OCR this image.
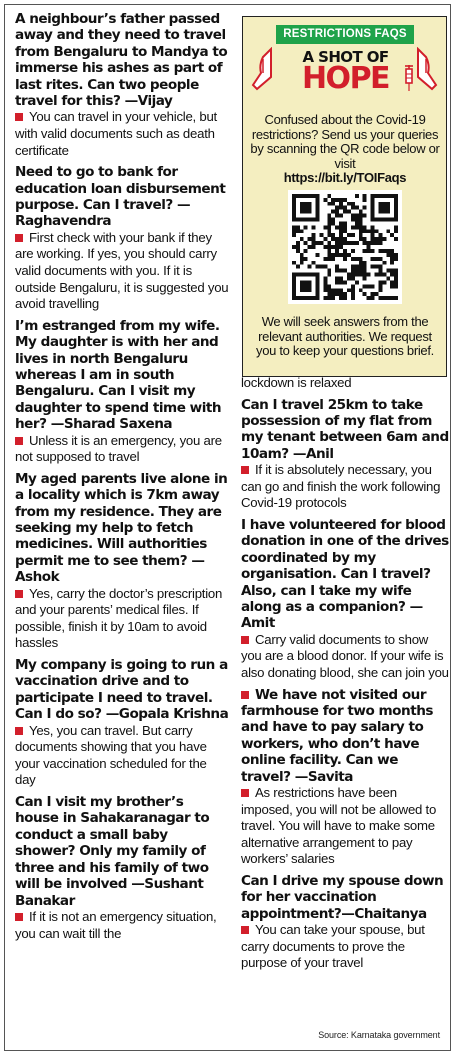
A neighbour’s father passed away and they need to travel from Bengaluru to Mandya to immerse his ashes as part of last rites. Can two people travel for this? —Vijay

You can travel in your vehicle, but with valid documents such as death certificate

Need to go to bank for education loan disbursement purpose. Can I travel? —Raghavendra

First check with your bank if they are working. If yes, you should carry valid documents with you. If it is outside Bengaluru, it is suggested you avoid travelling

I’m estranged from my wife. My daughter is with her and lives in north Bengaluru whereas I am in south Bengaluru. Can I visit my daughter to spend time with her? —Sharad Saxena

Unless it is an emergency, you are not supposed to travel

My aged parents live alone in a locality which is 7km away from my residence. They are seeking my help to fetch medicines. Will authorities permit me to see them? —Ashok

Yes, carry the doctor’s prescription and your parents’ medical files. If possible, finish it by 10am to avoid hassles

My company is going to run a vaccination drive and to participate I need to travel. Can I do so? —Gopala Krishna

Yes, you can travel. But carry documents showing that you have your vaccination scheduled for the day

Can I visit my brother’s house in Sahakaranagar to conduct a small baby shower? Only my family of three and his family of two will be involved —Sushant Banakar

If it is not an emergency situation, you can wait till the

RESTRICTIONS FAQS
A SHOT OF
HOPE
Confused about the Covid-19 restrictions? Send us your queries by scanning the QR code below or visit
https://bit.ly/TOIFaqs
We will seek answers from the relevant authorities. We request you to keep your questions brief.

lockdown is relaxed

Can I travel 25km to take possession of my flat from my tenant between 6am and 10am? —Anil

If it is absolutely necessary, you can go and finish the work following Covid-19 protocols

I have volunteered for blood donation in one of the drives coordinated by my organisation. Can I travel? Also, can I take my wife along as a companion? —Amit

Carry valid documents to show you are a blood donor. If your wife is also donating blood, she can join you

We have not visited our farmhouse for two months and have to pay salary to workers, who don’t have online facility. Can we travel? —Savita

As restrictions have been imposed, you will not be allowed to travel. You will have to make some alternative arrangement to pay workers’ salaries

Can I drive my spouse down for her vaccination appointment?—Chaitanya

You can take your spouse, but carry documents to prove the purpose of your travel

Source: Karnataka government
